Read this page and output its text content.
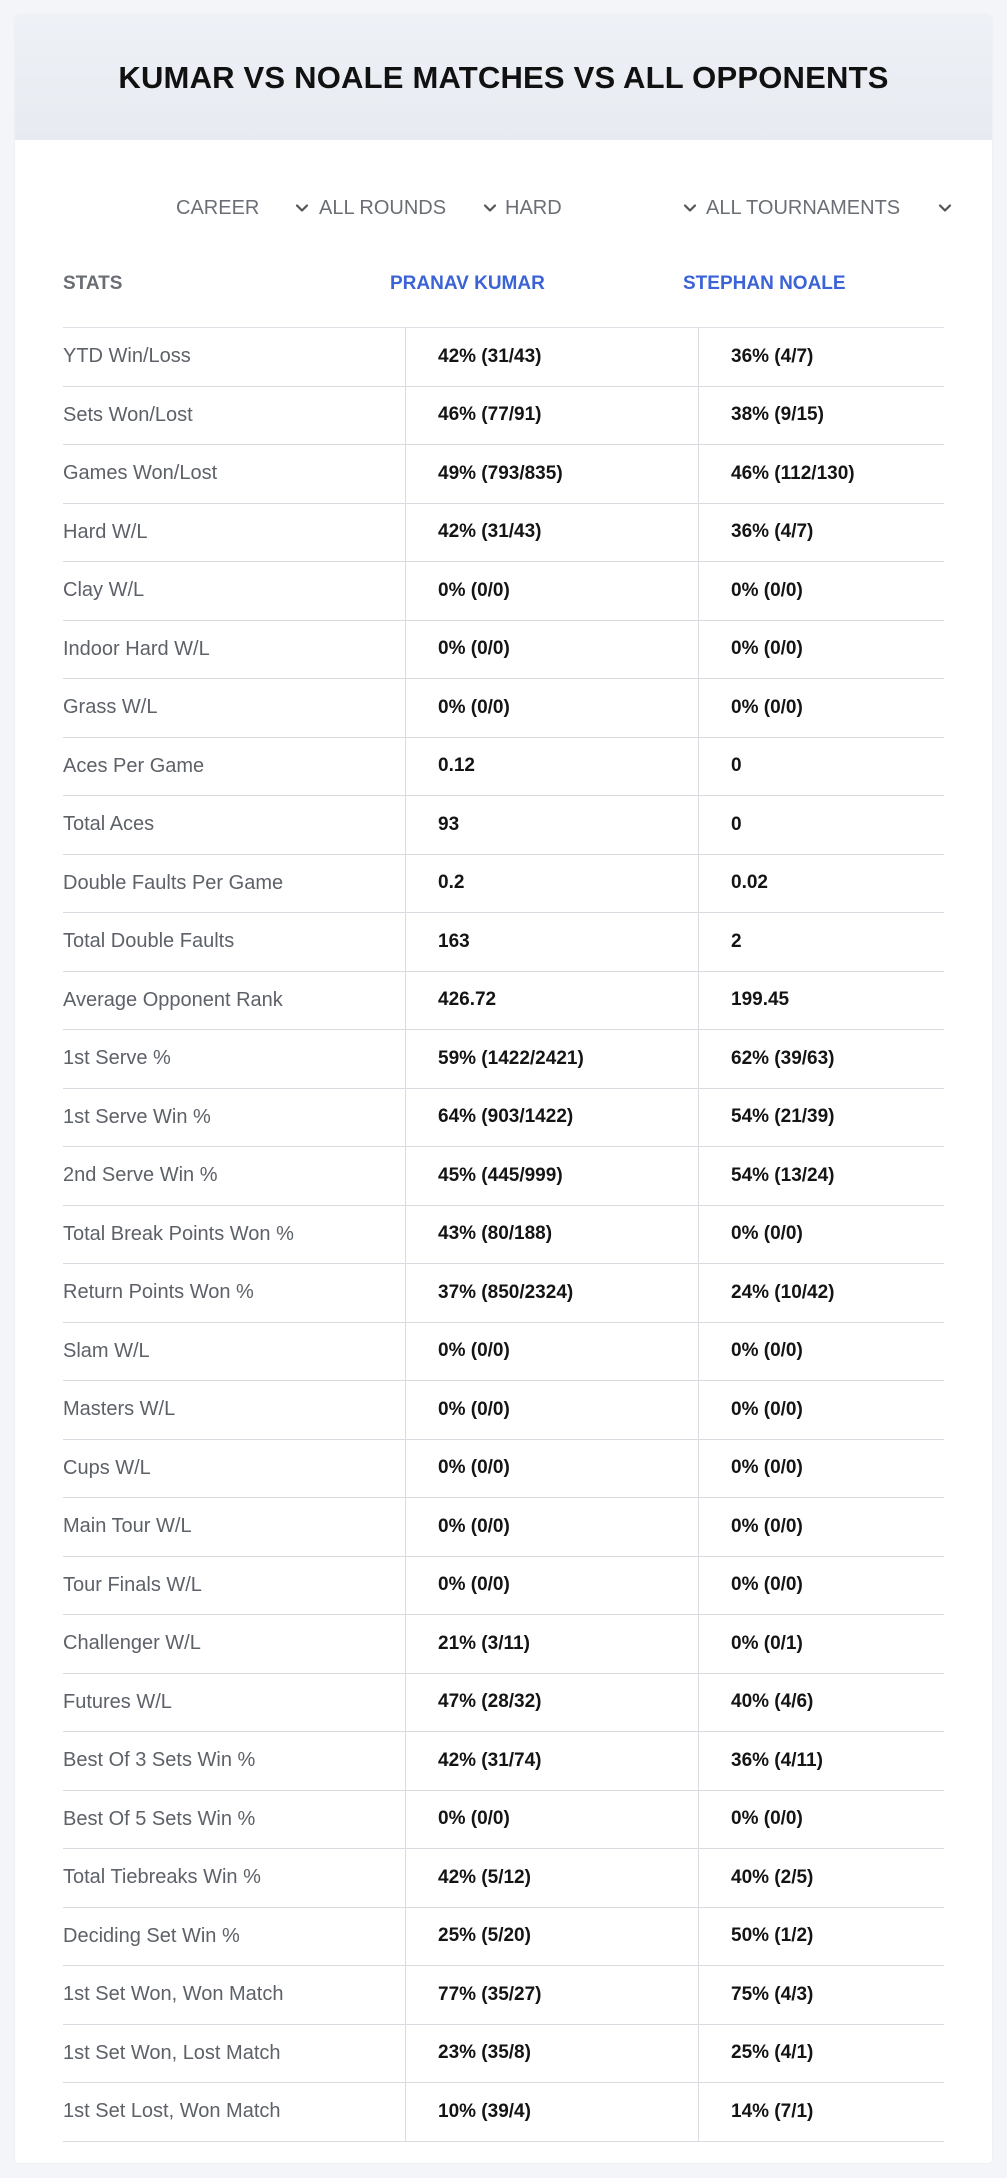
KUMAR VS NOALE MATCHES VS ALL OPPONENTS
CAREER	ALL ROUNDS	HARD	ALL TOURNAMENTS
STATS	PRANAV KUMAR	STEPHAN NOALE
YTD Win/Loss	42% (31/43)	36% (4/7)
Sets Won/Lost	46% (77/91)	38% (9/15)
Games Won/Lost	49% (793/835)	46% (112/130)
Hard W/L	42% (31/43)	36% (4/7)
Clay W/L	0% (0/0)	0% (0/0)
Indoor Hard W/L	0% (0/0)	0% (0/0)
Grass W/L	0% (0/0)	0% (0/0)
Aces Per Game	0.12	0
Total Aces	93	0
Double Faults Per Game	0.2	0.02
Total Double Faults	163	2
Average Opponent Rank	426.72	199.45
1st Serve %	59% (1422/2421)	62% (39/63)
1st Serve Win %	64% (903/1422)	54% (21/39)
2nd Serve Win %	45% (445/999)	54% (13/24)
Total Break Points Won %	43% (80/188)	0% (0/0)
Return Points Won %	37% (850/2324)	24% (10/42)
Slam W/L	0% (0/0)	0% (0/0)
Masters W/L	0% (0/0)	0% (0/0)
Cups W/L	0% (0/0)	0% (0/0)
Main Tour W/L	0% (0/0)	0% (0/0)
Tour Finals W/L	0% (0/0)	0% (0/0)
Challenger W/L	21% (3/11)	0% (0/1)
Futures W/L	47% (28/32)	40% (4/6)
Best Of 3 Sets Win %	42% (31/74)	36% (4/11)
Best Of 5 Sets Win %	0% (0/0)	0% (0/0)
Total Tiebreaks Win %	42% (5/12)	40% (2/5)
Deciding Set Win %	25% (5/20)	50% (1/2)
1st Set Won, Won Match	77% (35/27)	75% (4/3)
1st Set Won, Lost Match	23% (35/8)	25% (4/1)
1st Set Lost, Won Match	10% (39/4)	14% (7/1)
